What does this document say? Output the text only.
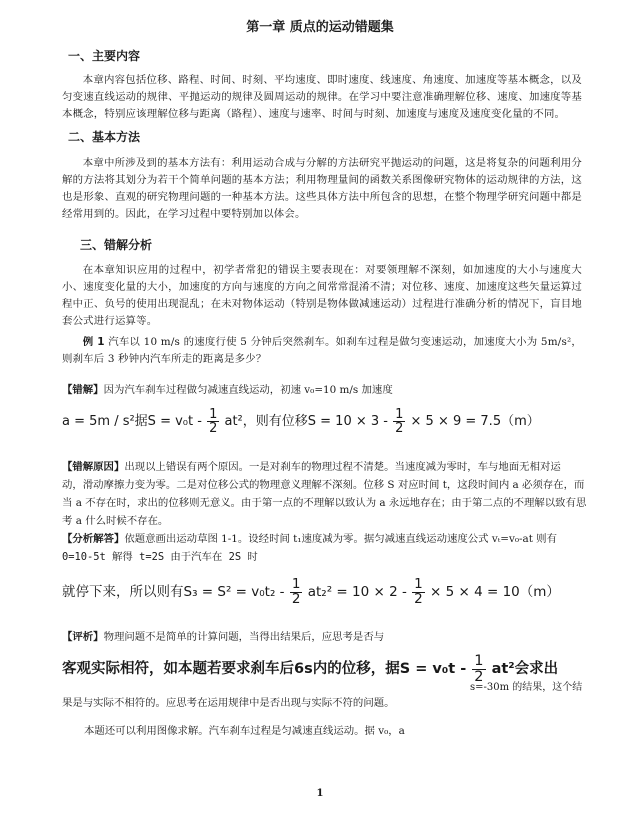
第一章 质点的运动错题集
一、主要内容
本章内容包括位移、路程、时间、时刻、平均速度、即时速度、线速度、角速度、加速度等基本概念，以及匀变速直线运动的规律、平抛运动的规律及圆周运动的规律。在学习中要注意准确理解位移、速度、加速度等基本概念，特别应该理解位移与距离（路程）、速度与速率、时间与时刻、加速度与速度及速度变化量的不同。
二、基本方法
本章中所涉及到的基本方法有：利用运动合成与分解的方法研究平抛运动的问题，这是将复杂的问题利用分解的方法将其划分为若干个简单问题的基本方法；利用物理量间的函数关系图像研究物体的运动规律的方法，这也是形象、直观的研究物理问题的一种基本方法。这些具体方法中所包含的思想，在整个物理学研究问题中都是经常用到的。因此，在学习过程中要特别加以体会。
三、错解分析
在本章知识应用的过程中，初学者常犯的错误主要表现在：对要领理解不深刻，如加速度的大小与速度大小、速度变化量的大小，加速度的方向与速度的方向之间常常混淆不清；对位移、速度、加速度这些矢量运算过程中正、负号的使用出现混乱；在未对物体运动（特别是物体做减速运动）过程进行准确分析的情况下，盲目地套公式进行运算等。
例 1 汽车以 10 m/s 的速度行使 5 分钟后突然刹车。如刹车过程是做匀变速运动，加速度大小为 5m/s²，则刹车后 3 秒钟内汽车所走的距离是多少？
【错解】因为汽车刹车过程做匀减速直线运动，初速 v₀=10 m/s 加速度
a = 5m / s²据$S = v_0t - \frac{1}{2} at^2$，则有位移$S = 10 \times 3 - \frac{1}{2} \times 5 \times 9 = 7.5(m)$
【错解原因】出现以上错误有两个原因。一是对刹车的物理过程不清楚。当速度减为零时，车与地面无相对运
动，滑动摩擦力变为零。二是对位移公式的物理意义理解不深刻。位移 S 对应时间 t，这段时间内 a 必须存在，而
当 a 不存在时，求出的位移则无意义。由于第一点的不理解以致认为 a 永远地存在；由于第二点的不理解以致有思
考 a 什么时候不存在。
【分析解答】依题意画出运动草图 1-1。设经时间 t₁速度减为零。据匀减速直线运动速度公式 vₜ=v₀-at 则有
0=10-5t 解得 t=2S 由于汽车在 2S 时
就停下来，所以则有$S_3 = S^2 = v_0t_2 - \frac{1}{2} at_2^2 = 10 \times 2 - \frac{1}{2} \times 5 \times 4 = 10(m)$
【评析】物理问题不是简单的计算问题，当得出结果后，应思考是否与
客观实际相符，如本题若要求刹车后6s内的位移，据$S = v_0t - \frac{1}{2} at^2$会求出
s=-30m 的结果，这个结
果是与实际不相符的。应思考在运用规律中是否出现与实际不符的问题。
本题还可以利用图像求解。汽车刹车过程是匀减速直线运动。据 v₀，a
1
